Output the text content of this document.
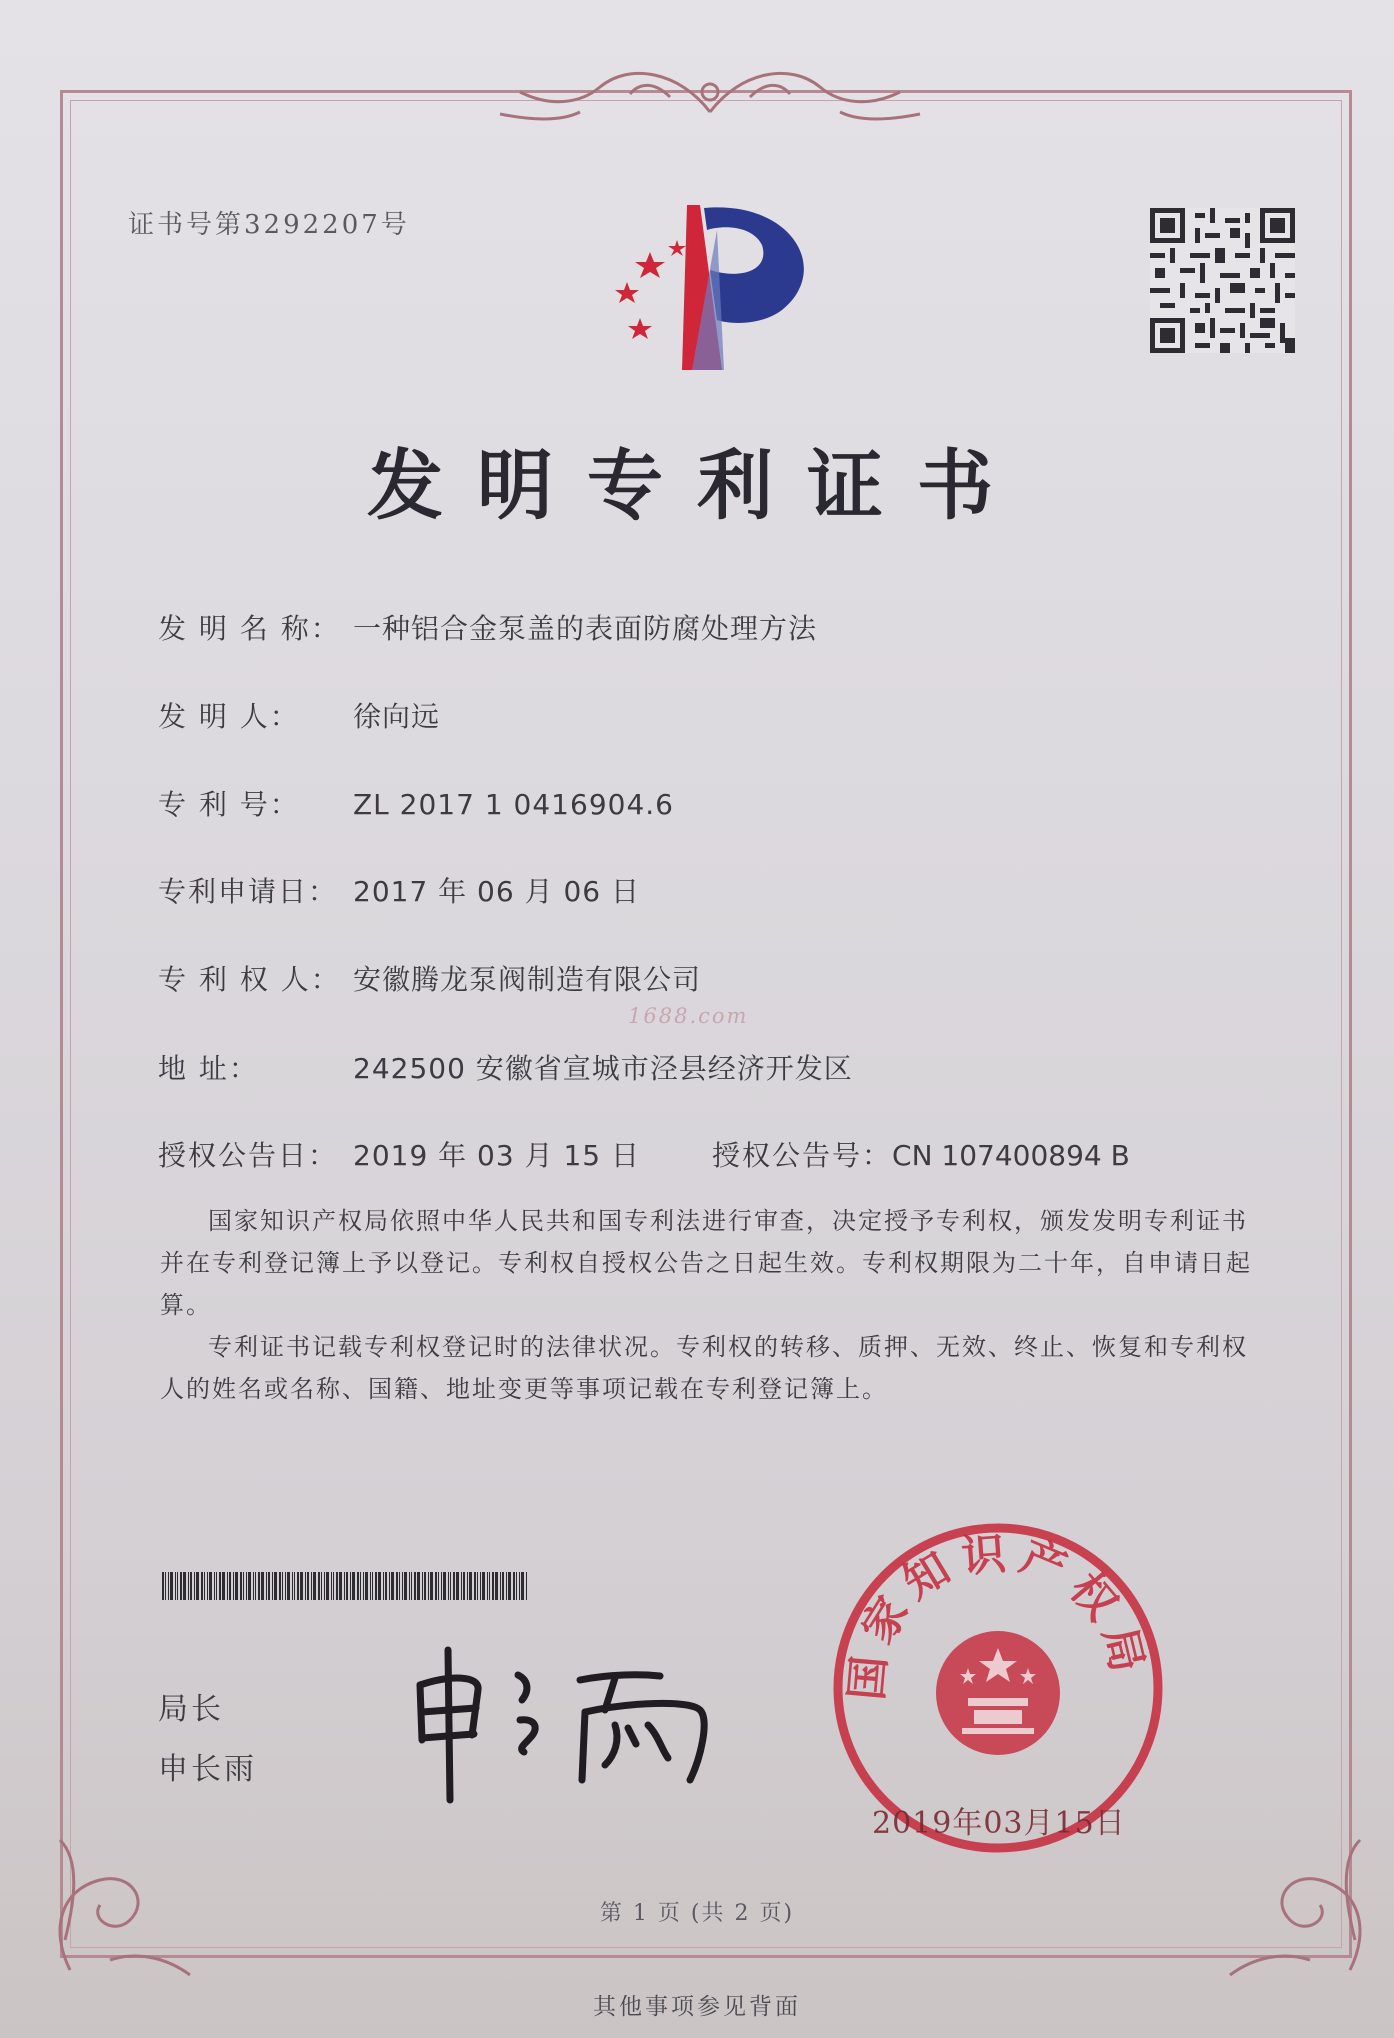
证书号第3292207号
发明专利证书
发 明 名 称： 一种铝合金泵盖的表面防腐处理方法
发 明 人： 徐向远
专 利 号： ZL 2017 1 0416904.6
专利申请日： 2017 年 06 月 06 日
专 利 权 人： 安徽腾龙泵阀制造有限公司
1688.com
地 址：	242500 安徽省宣城市泾县经济开发区
授权公告日： 2019 年 03 月 15 日	授权公告号：CN 107400894 B
国家知识产权局依照中华人民共和国专利法进行审查，决定授予专利权，颁发发明专利证书并在专利登记簿上予以登记。专利权自授权公告之日起生效。专利权期限为二十年，自申请日起算。
专利证书记载专利权登记时的法律状况。专利权的转移、质押、无效、终止、恢复和专利权人的姓名或名称、国籍、地址变更等事项记载在专利登记簿上。
局长
申长雨
国家知识产权局
2019年03月15日
第 1 页 (共 2 页)
其他事项参见背面
